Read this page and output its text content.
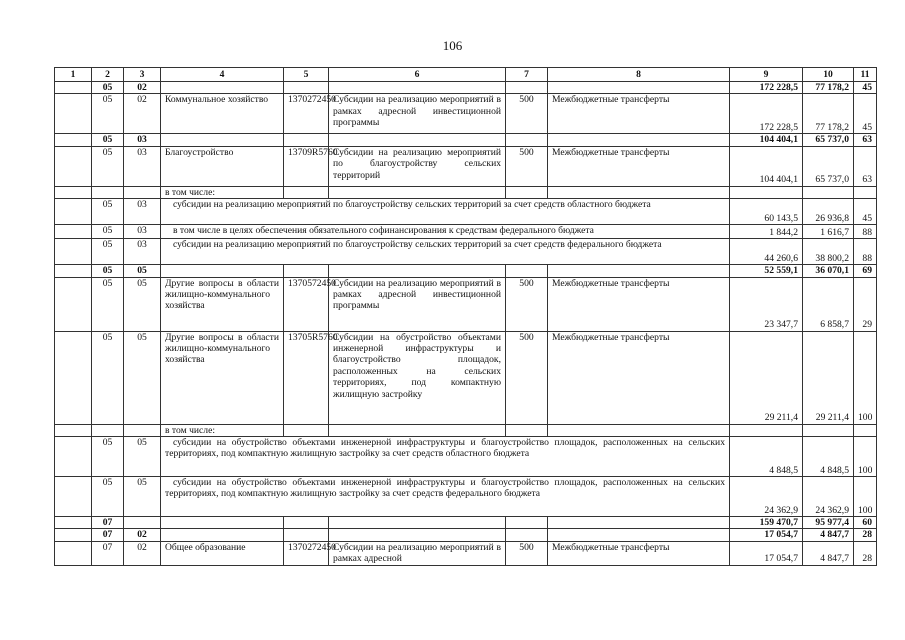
106
1	2	3	4	5	6	7	8	9	10	11
	05	02						172 228,5	77 178,2	45
	05	02	Коммунальное хозяйство	1370272450	Субсидии на реализацию мероприятий в рамках адресной инвестиционной программы	500	Межбюджетные трансферты	172 228,5	77 178,2	45
	05	03						104 404,1	65 737,0	63
	05	03	Благоустройство	13709R5760	Субсидии на реализацию мероприятий по благоустройству сельских территорий	500	Межбюджетные трансферты	104 404,1	65 737,0	63
			в том числе:							
	05	03	субсидии на реализацию мероприятий по благоустройству сельских территорий за счет средств областного бюджета					60 143,5	26 936,8	45
	05	03	в том числе в целях обеспечения обязательного софинансирования к средствам федерального бюджета					1 844,2	1 616,7	88
	05	03	субсидии на реализацию мероприятий по благоустройству сельских территорий за счет средств федерального бюджета					44 260,6	38 800,2	88
	05	05						52 559,1	36 070,1	69
	05	05	Другие вопросы в области жилищно-коммунального хозяйства	1370572450	Субсидии на реализацию мероприятий в рамках адресной инвестиционной программы	500	Межбюджетные трансферты	23 347,7	6 858,7	29
	05	05	Другие вопросы в области жилищно-коммунального хозяйства	13705R5760	Субсидии на обустройство объектами инженерной инфраструктуры и благоустройство площадок, расположенных на сельских территориях, под компактную жилищную застройку	500	Межбюджетные трансферты	29 211,4	29 211,4	100
			в том числе:							
	05	05	субсидии на обустройство объектами инженерной инфраструктуры и благоустройство площадок, расположенных на сельских территориях, под компактную жилищную застройку за счет средств областного бюджета					4 848,5	4 848,5	100
	05	05	субсидии на обустройство объектами инженерной инфраструктуры и благоустройство площадок, расположенных на сельских территориях, под компактную жилищную застройку за счет средств федерального бюджета					24 362,9	24 362,9	100
	07							159 470,7	95 977,4	60
	07	02						17 054,7	4 847,7	28
	07	02	Общее образование	1370272450	Субсидии на реализацию мероприятий в рамках адресной	500	Межбюджетные трансферты	17 054,7	4 847,7	28
